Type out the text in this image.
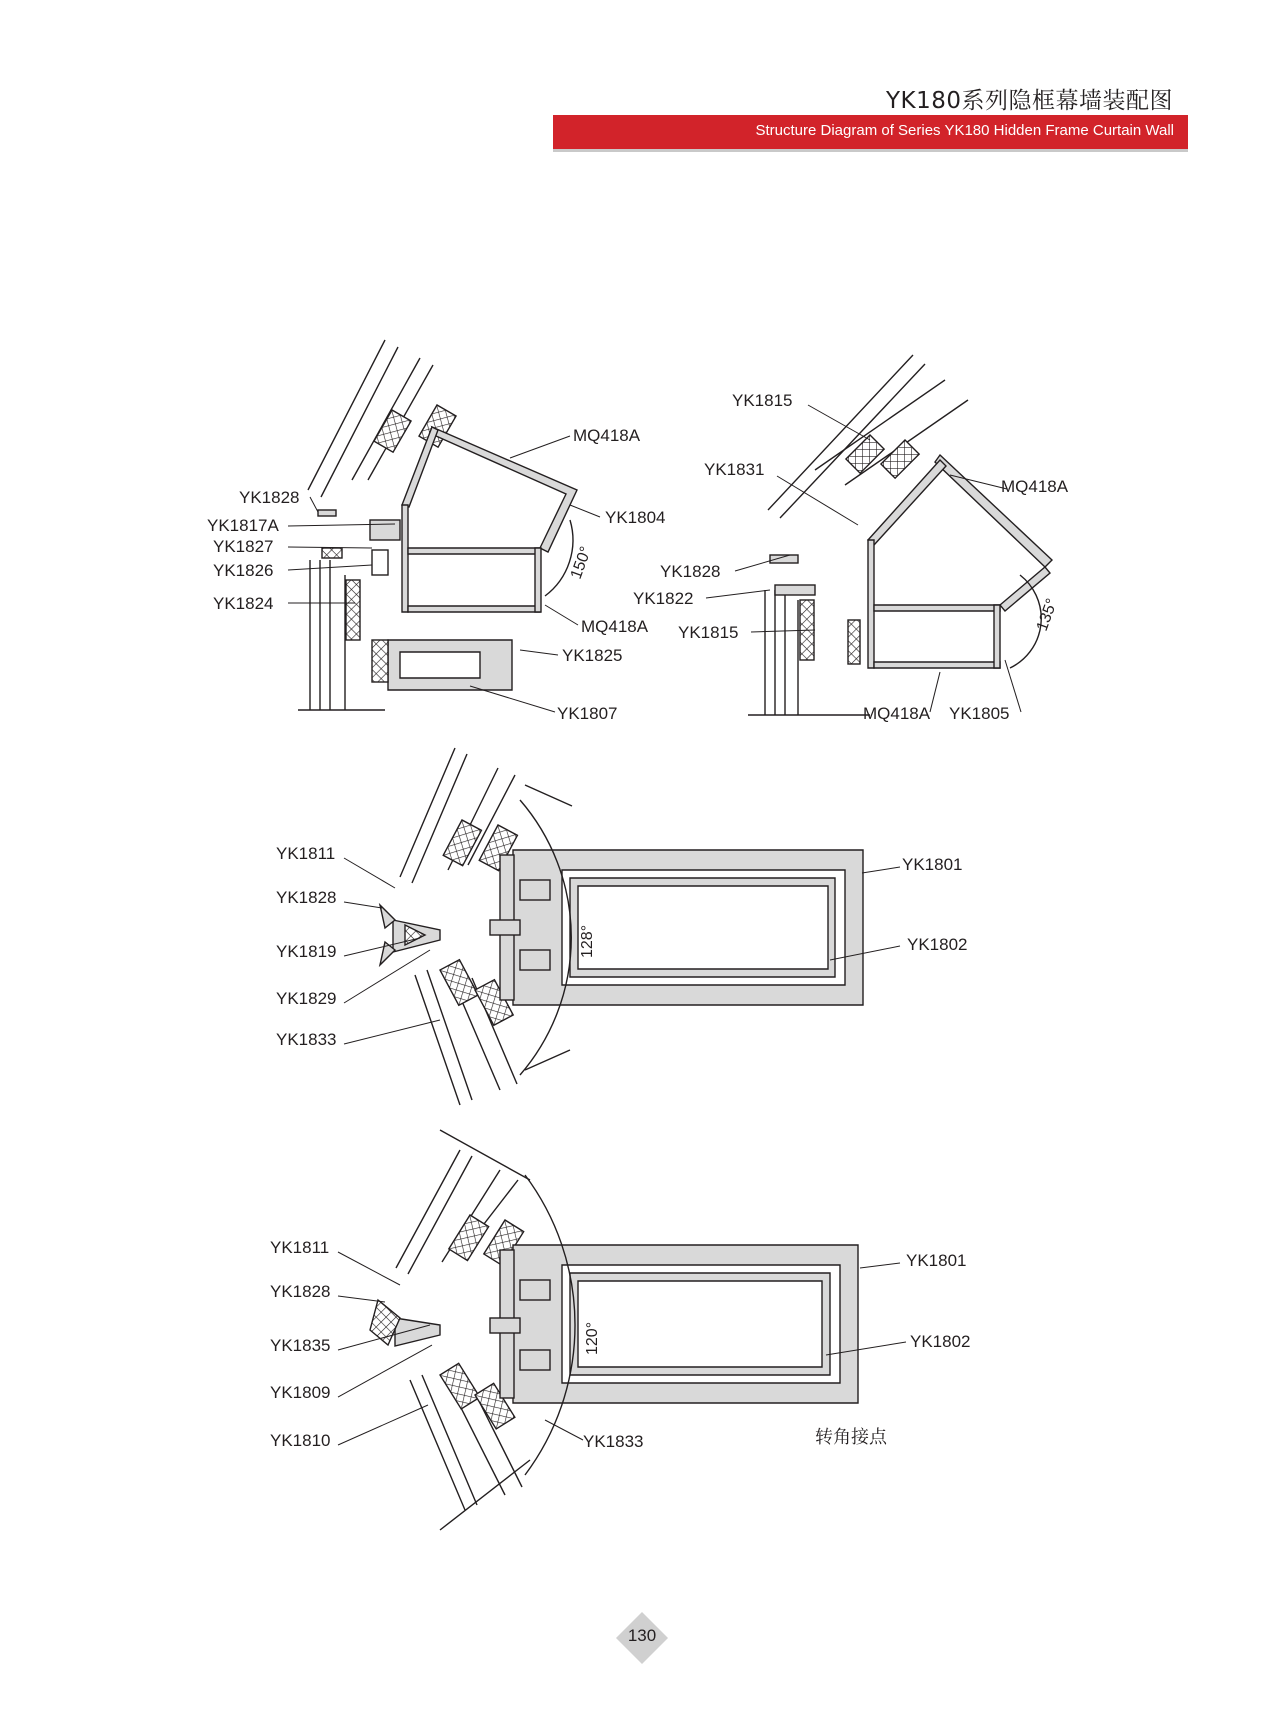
YK180系列隐框幕墙装配图
Structure Diagram of Series YK180 Hidden Frame Curtain Wall
MQ418A
YK1828
YK1817A
YK1827
YK1826
YK1824
YK1804
MQ418A
YK1825
YK1807
150°
YK1815
YK1831
MQ418A
YK1828
YK1822
YK1815
MQ418A YK1805
135°
YK1811
YK1828
YK1819
YK1829
YK1833
YK1801
YK1802
128°
YK1811
YK1828
YK1835
YK1809
YK1810	YK1833
YK1801
YK1802
120°
转角接点
130
